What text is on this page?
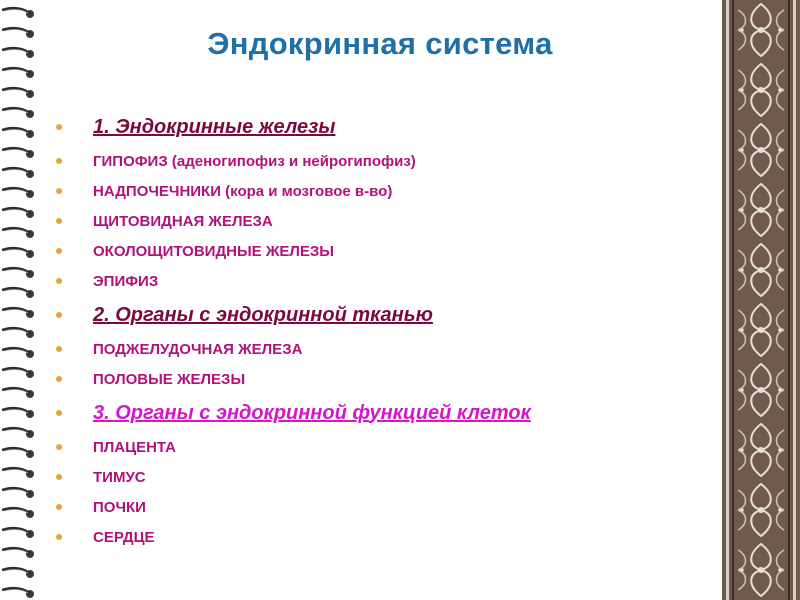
Эндокринная система
1. Эндокринные железы
ГИПОФИЗ (аденогипофиз и нейрогипофиз)
НАДПОЧЕЧНИКИ (кора и мозговое в-во)
ЩИТОВИДНАЯ ЖЕЛЕЗА
ОКОЛОЩИТОВИДНЫЕ ЖЕЛЕЗЫ
ЭПИФИЗ
2. Органы с эндокринной тканью
ПОДЖЕЛУДОЧНАЯ ЖЕЛЕЗА
ПОЛОВЫЕ ЖЕЛЕЗЫ
3. Органы с эндокринной функцией клеток
ПЛАЦЕНТА
ТИМУС
ПОЧКИ
СЕРДЦЕ
